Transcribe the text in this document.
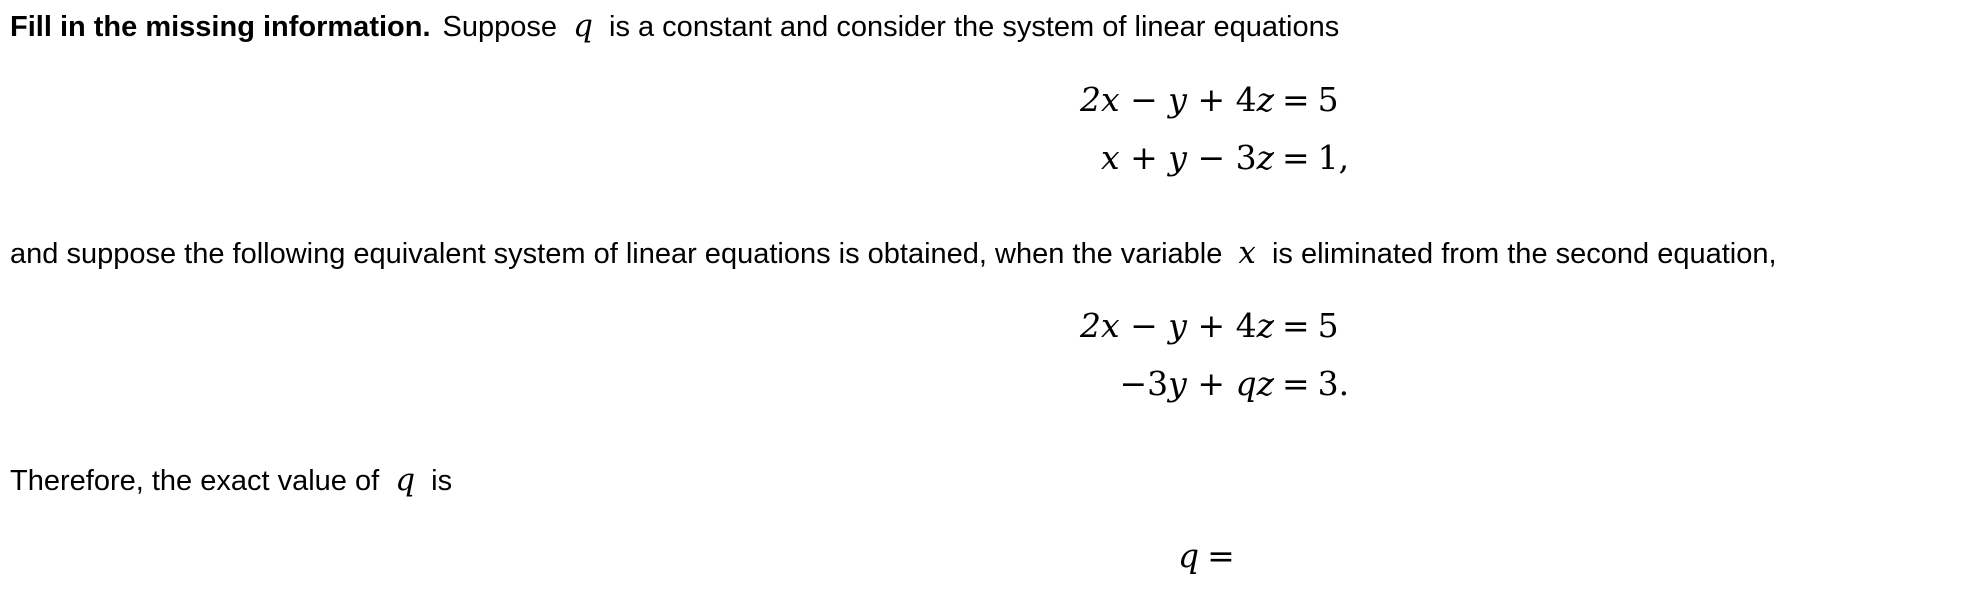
Fill in the missing information. Suppose q is a constant and consider the system of linear equations
2x − y + 4z = 5
x + y − 3z = 1,
and suppose the following equivalent system of linear equations is obtained, when the variable x is eliminated from the second equation,
2x − y + 4z = 5
−3y + qz = 3.
Therefore, the exact value of q is
q =
